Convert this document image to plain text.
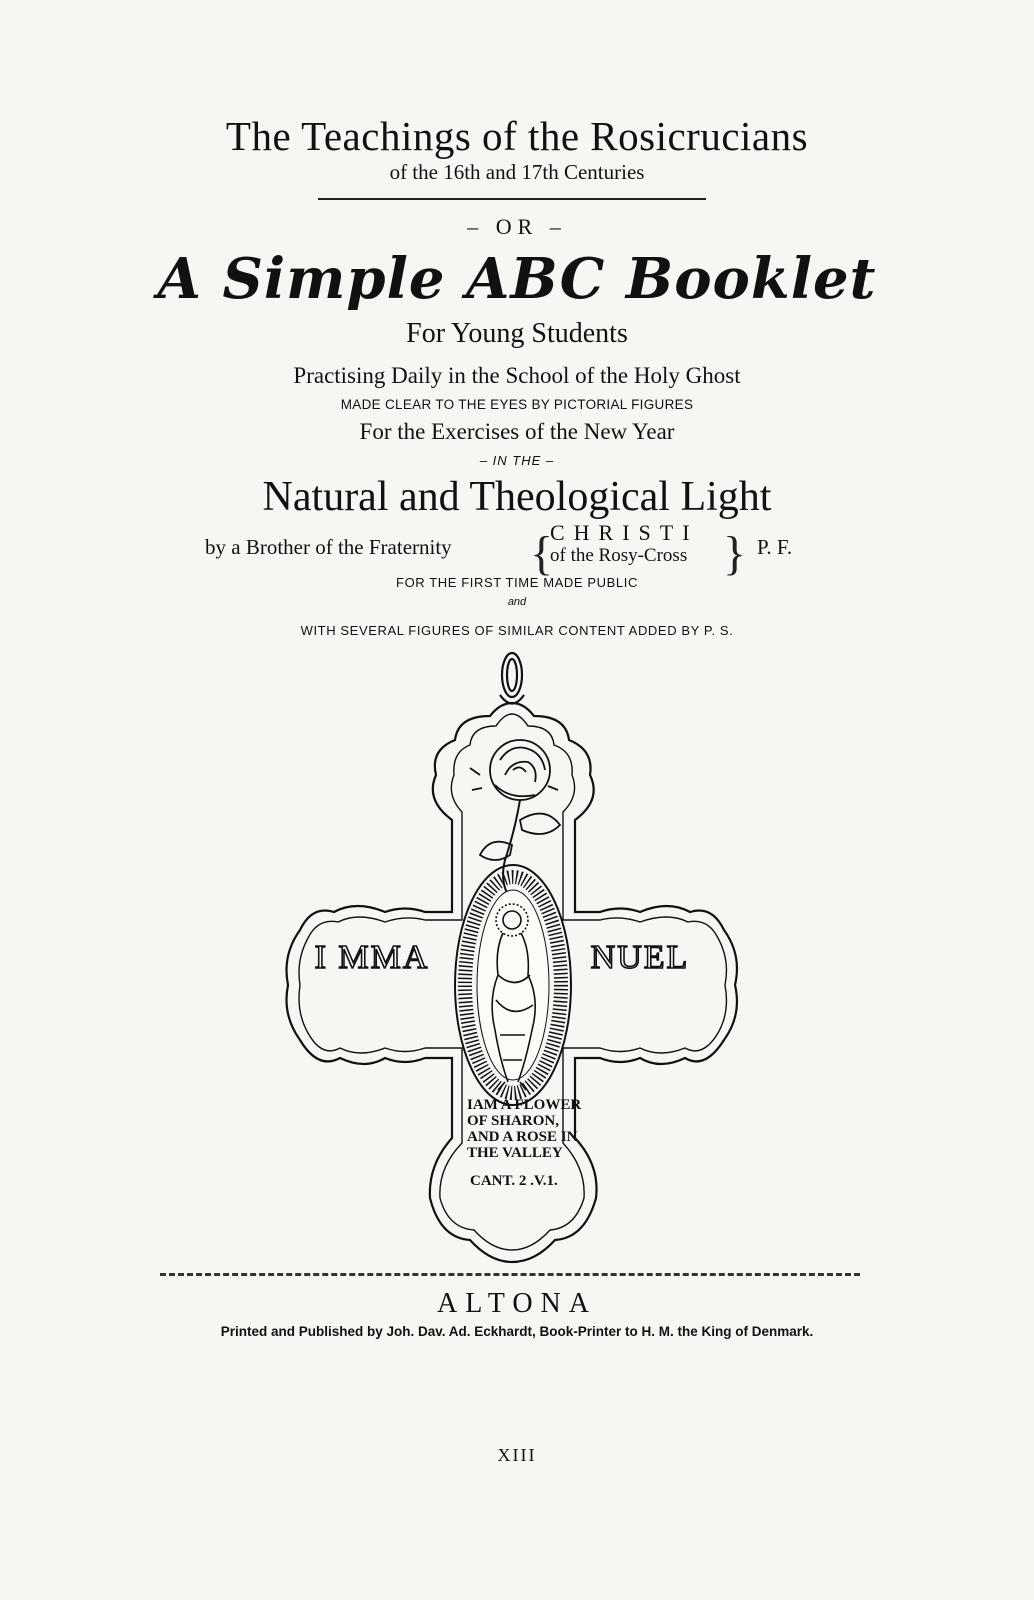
The Teachings of the Rosicrucians
of the 16th and 17th Centuries
– OR –
A Simple ABC Booklet
For Young Students
Practising Daily in the School of the Holy Ghost
MADE CLEAR TO THE EYES BY PICTORIAL FIGURES
For the Exercises of the New Year
– IN THE –
Natural and Theological Light
by a Brother of the Fraternity {
CHRISTI
of the Rosy-Cross } P. F.
FOR THE FIRST TIME MADE PUBLIC
and
WITH SEVERAL FIGURES OF SIMILAR CONTENT ADDED BY P. S.
I MMA	NUEL
IAM A FLOWER
OF SHARON,
AND A ROSE IN
THE VALLEY
CANT. 2 .V.1.
ALTONA
Printed and Published by Joh. Dav. Ad. Eckhardt, Book-Printer to H. M. the King of Denmark.
XIII
